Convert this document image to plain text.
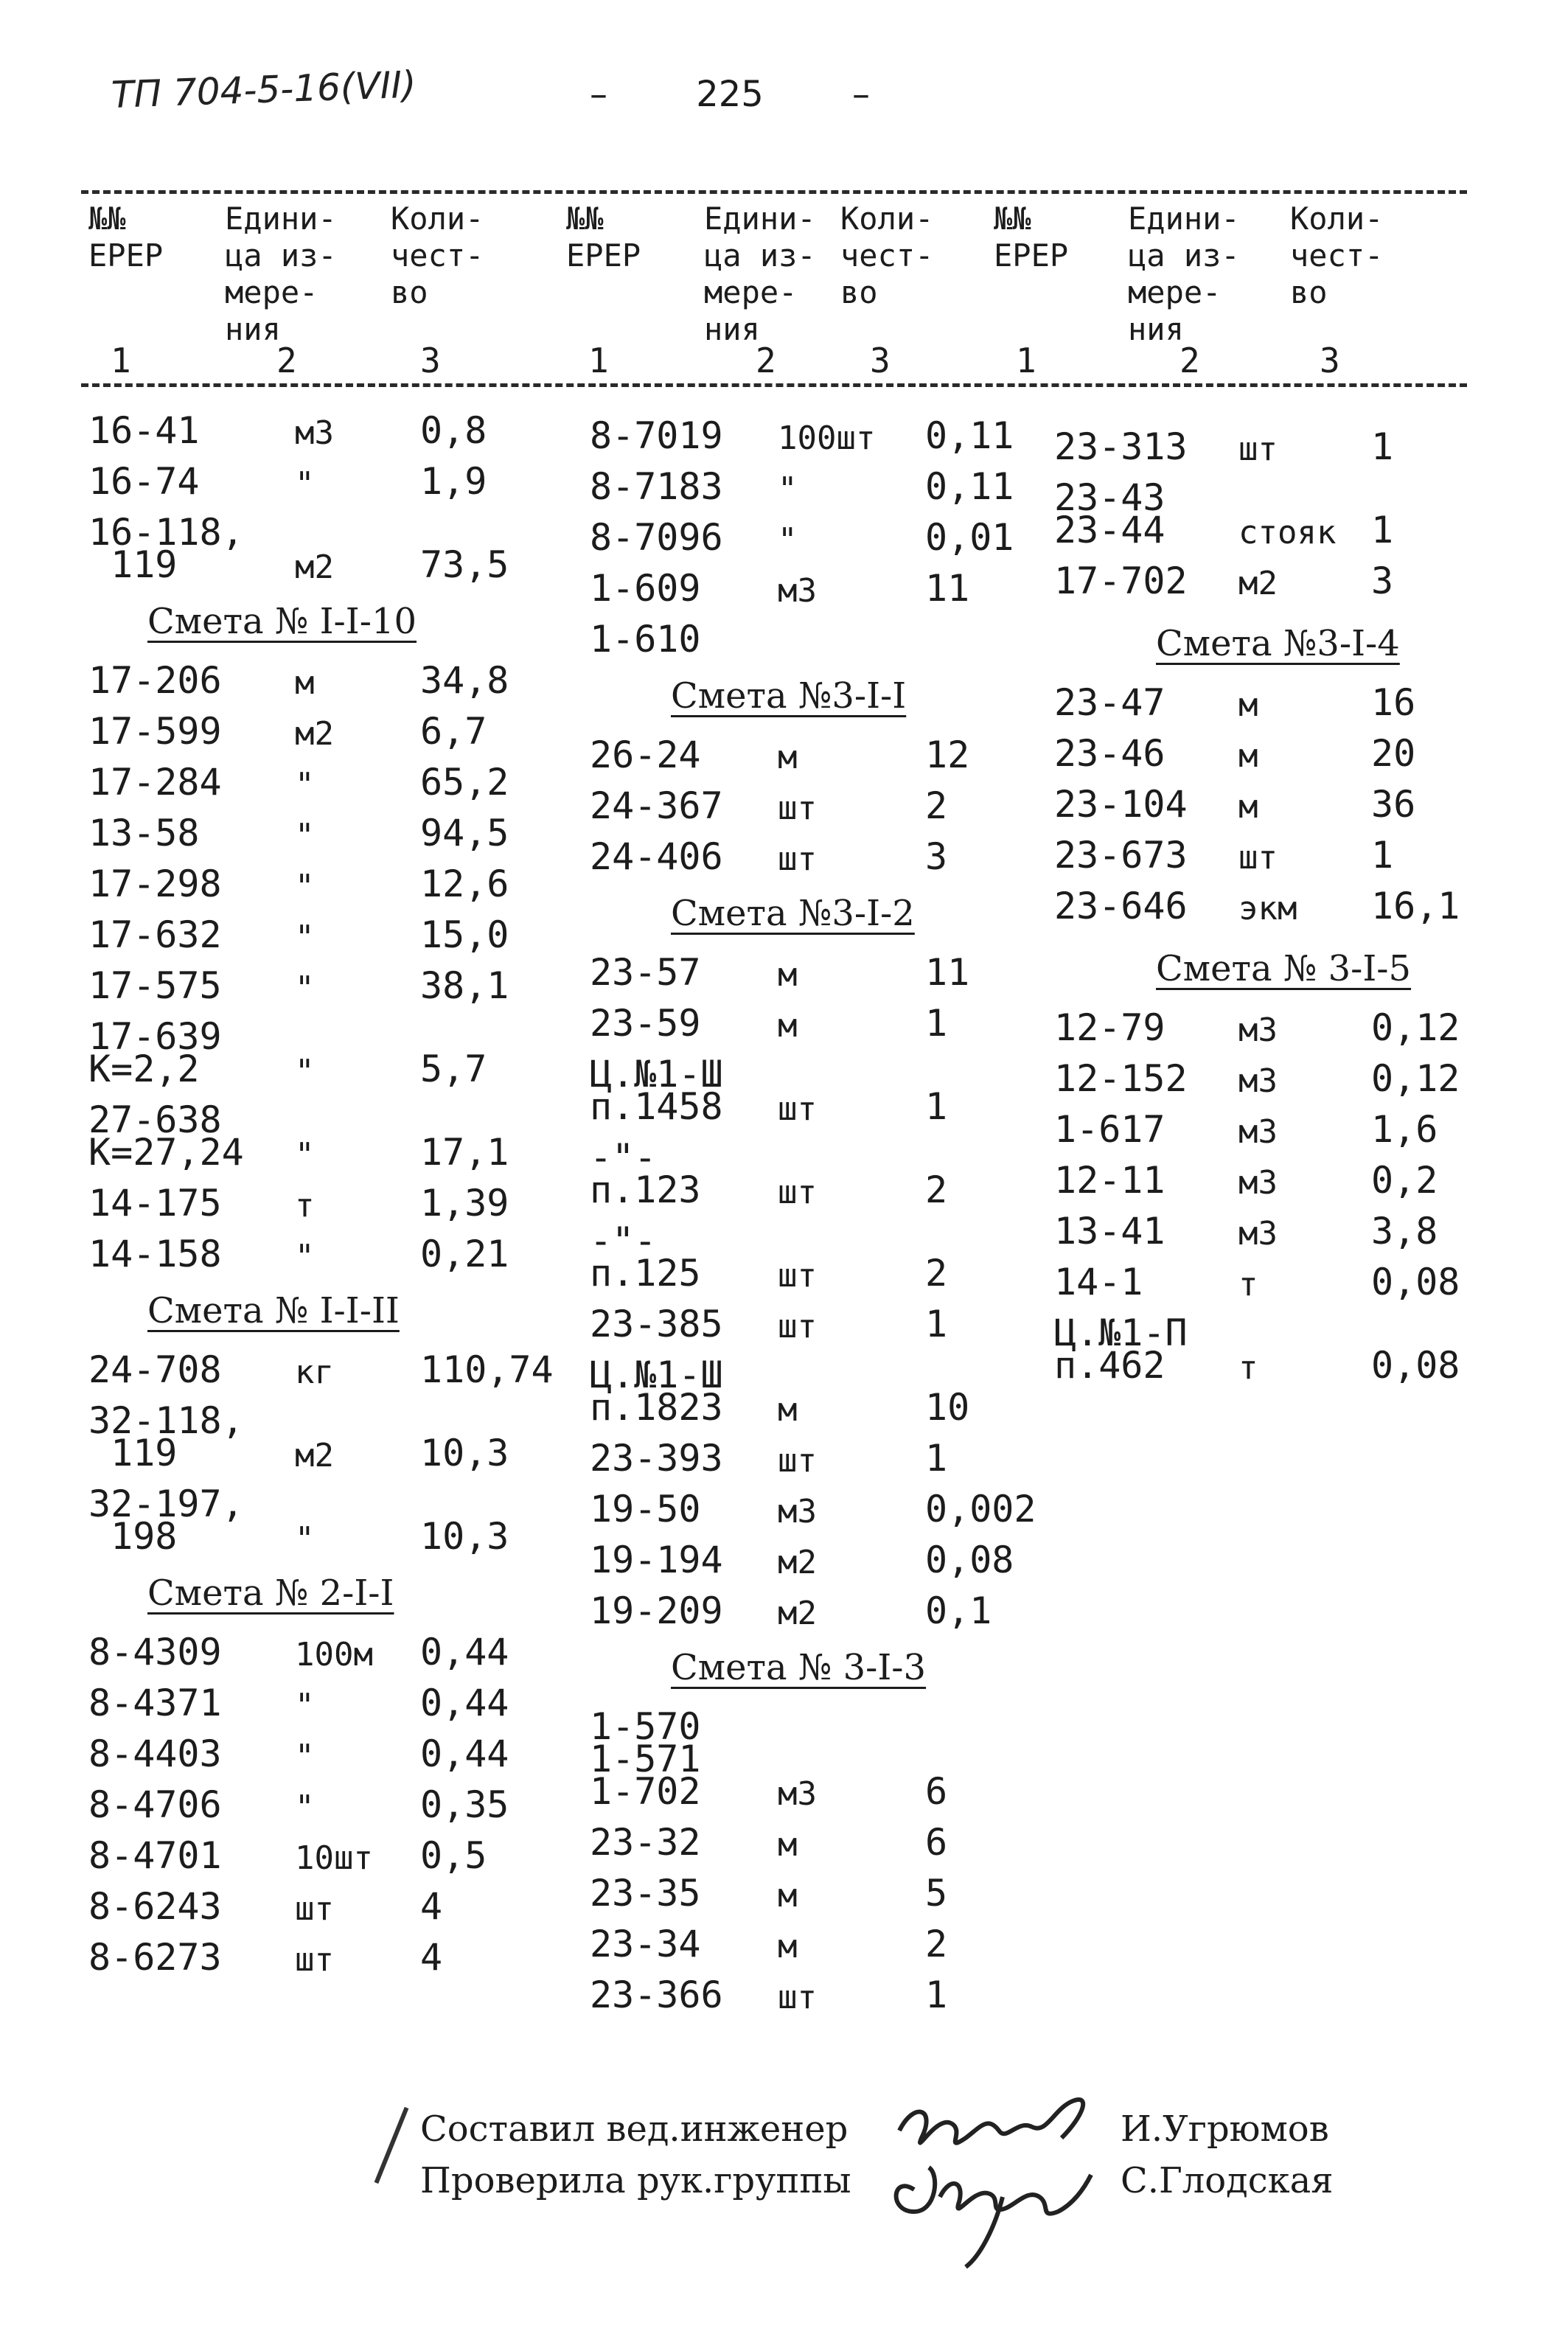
ТП 704-5-16(VII)	–	225	–
№№
ЕРЕР
Едини-
ца из-
мере-
ния
Коли-
чест-
во
1	2	3
№№
ЕРЕР
Едини-
ца из-
мере-
ния
Коли-
чест-
во
1	2	3
№№
ЕРЕР
Едини-
ца из-
мере-
ния
Коли-
чест-
во
1	2	3
16-41	м3 0,8
16-74	"	1,9
16-118,
119	м2 73,5
Смета № I-I-10
17-206 м	34,8
17-599 м2 6,7
17-284 "	65,2
13-58	"	94,5
17-298 "	12,6
17-632 "	15,0
17-575 "	38,1
17-639
К=2,2	"	5,7
27-638
К=27,24 "	17,1
14-175 т	1,39
14-158 "	0,21
Смета № I-I-II
24-708 кг 110,74
32-118,
119	м2 10,3
32-197,
198	"	10,3
Смета № 2-I-I
8-4309 100м 0,44
8-4371 "	0,44
8-4403 "	0,44
8-4706 "	0,35
8-4701 10шт 0,5
8-6243 шт 4
8-6273 шт 4
8-7019 100шт 0,11
8-7183 "	0,11
8-7096 "	0,01
1-609 м3	11
1-610
Смета №3-I-I
26-24 м	12
24-367 шт	2
24-406 шт	3
Смета №3-I-2
23-57 м	11
23-59 м	1
Ц.№1-Ш
п.1458 шт	1
-"-
п.123 шт	2
-"-
п.125 шт	2
23-385 шт	1
Ц.№1-Ш
п.1823 м	10
23-393 шт	1
19-50 м3	0,002
19-194 м2	0,08
19-209 м2	0,1
Смета № 3-I-3
1-570
1-571
1-702 м3	6
23-32 м	6
23-35 м	5
23-34 м	2
23-366 шт	1
23-313 шт	1
23-43
23-44 стояк 1
17-702 м2	3
Смета №3-I-4
23-47 м	16
23-46 м	20
23-104 м	36
23-673 шт	1
23-646 экм 16,1
Смета № 3-I-5
12-79 м3	0,12
12-152 м3	0,12
1-617 м3	1,6
12-11 м3	0,2
13-41 м3	3,8
14-1	т	0,08
Ц.№1-П
п.462 т	0,08
Составил вед.инженер	И.Угрюмов
Проверила рук.группы	С.Глодская
